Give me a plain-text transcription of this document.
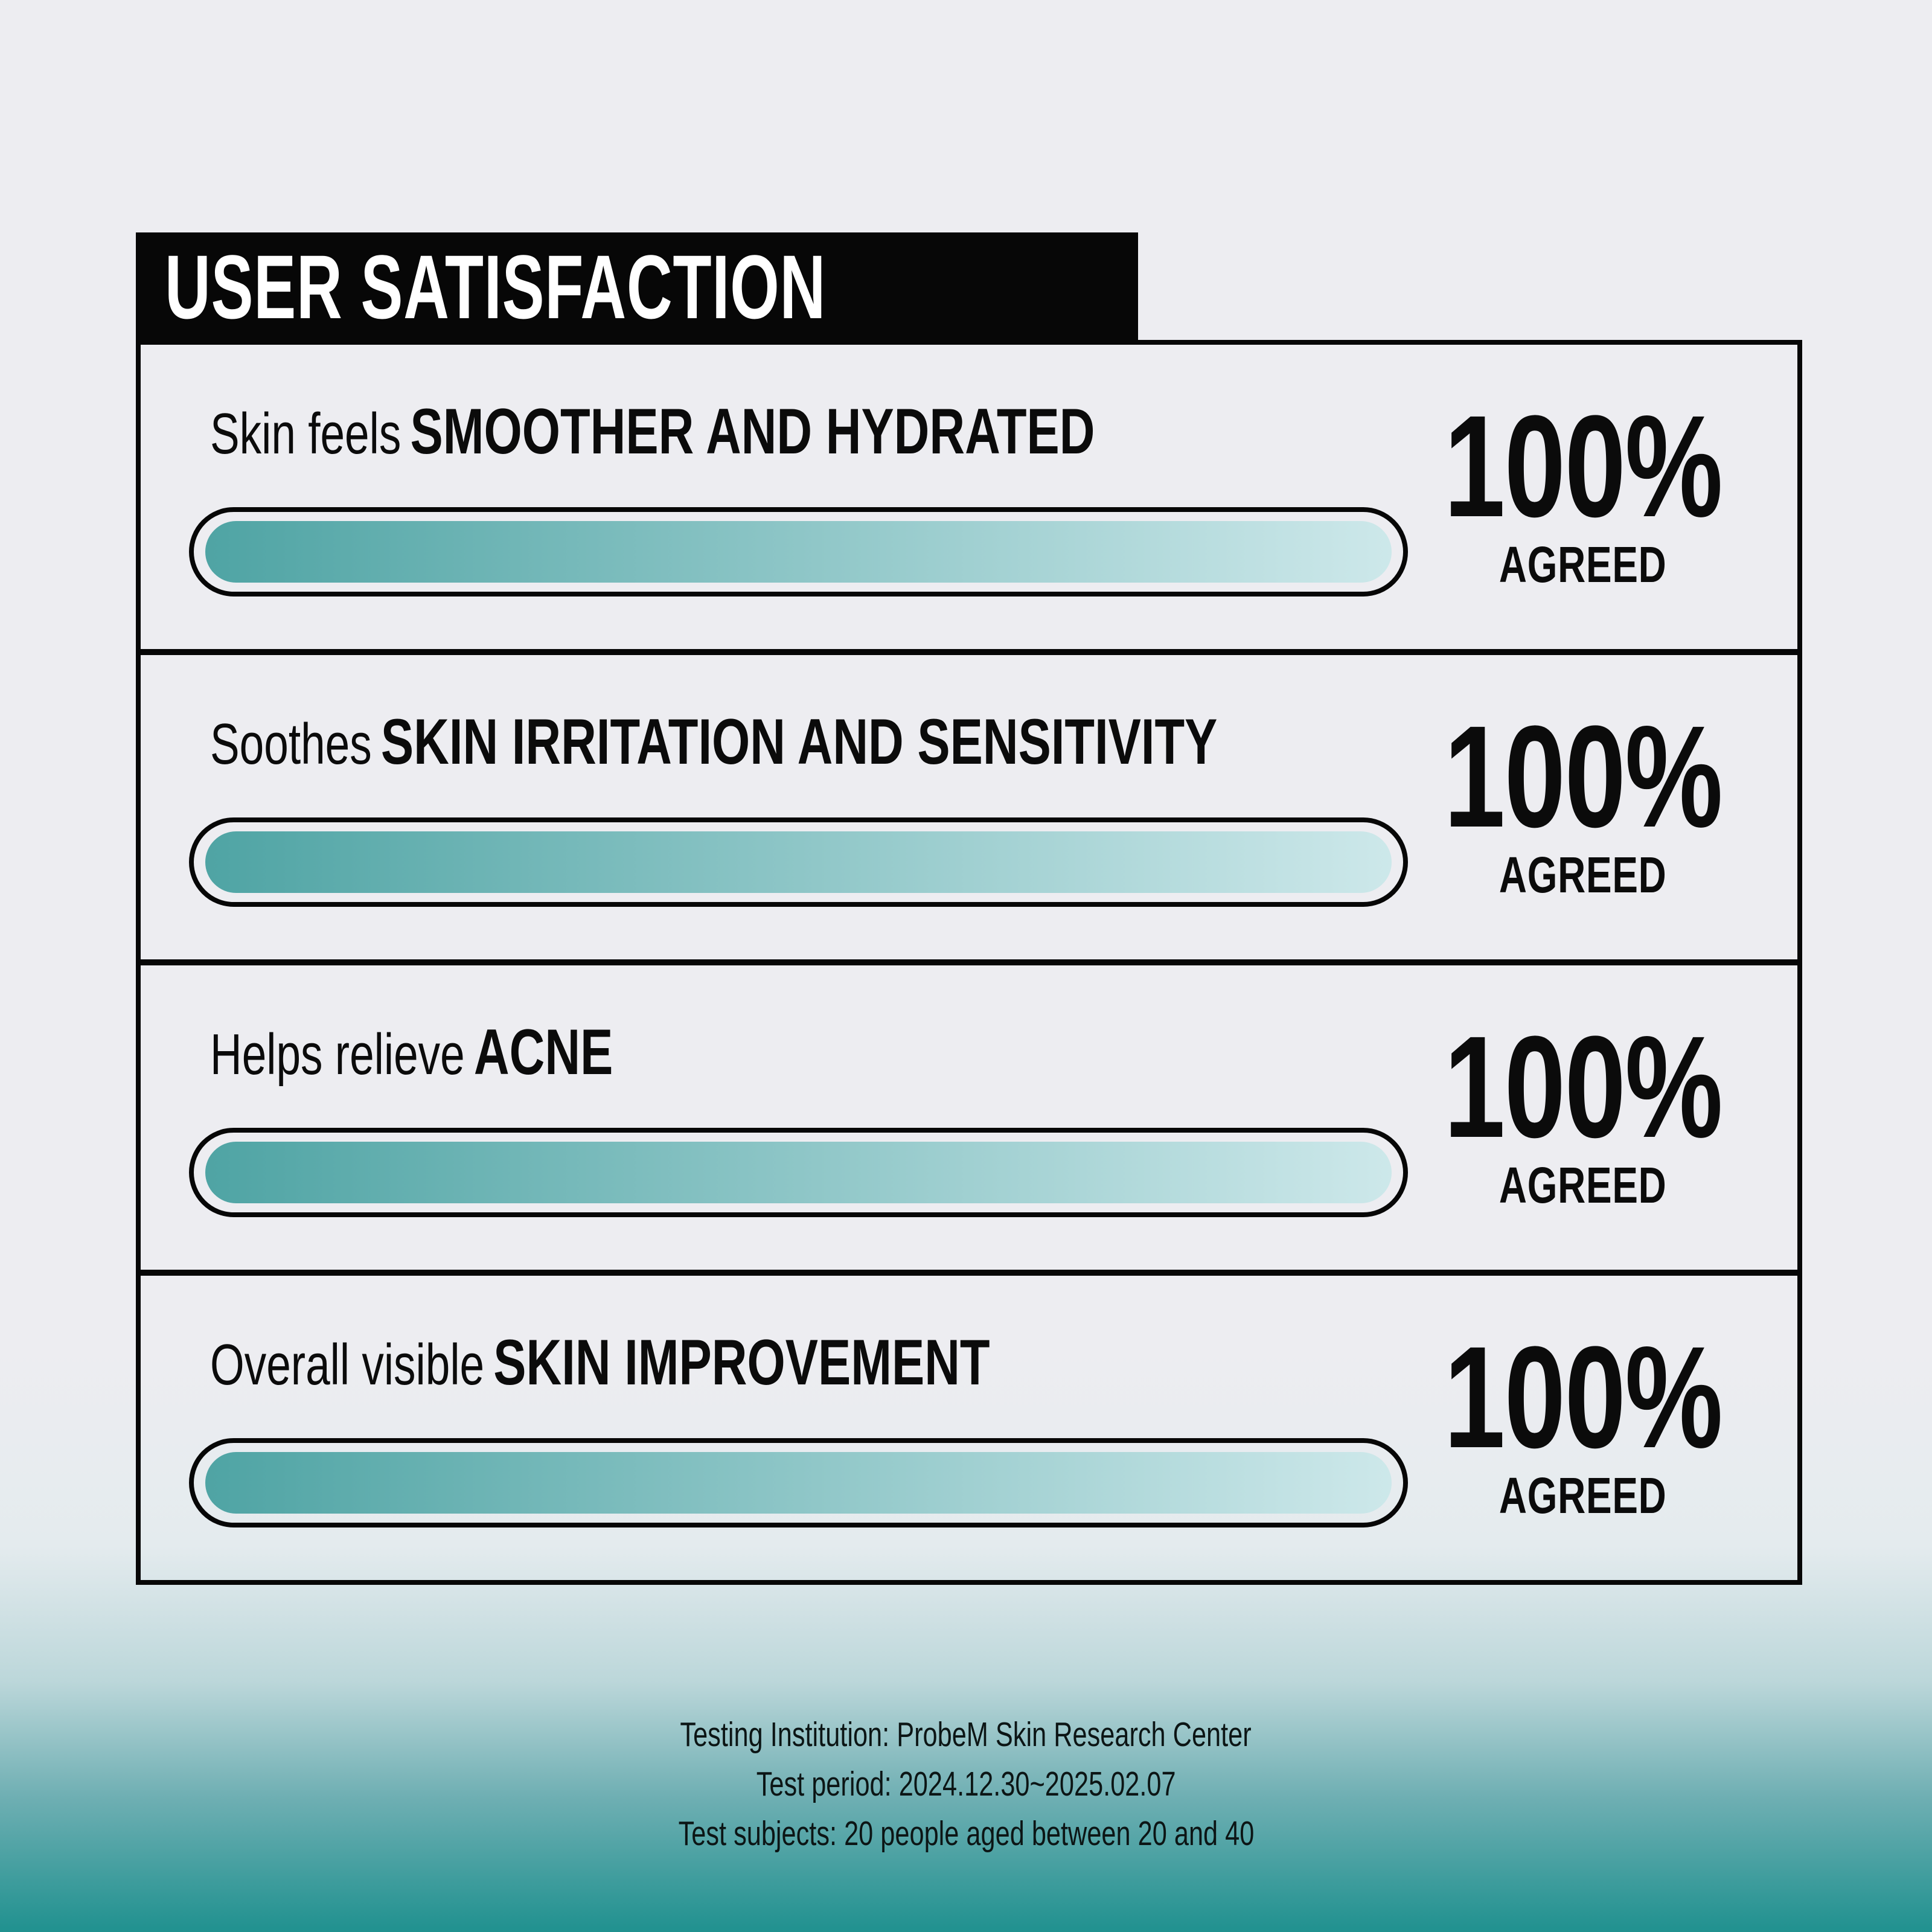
USER SATISFACTION
Skin feels SMOOTHER AND HYDRATED	100%
AGREED
Soothes SKIN IRRITATION AND SENSITIVITY	100%
AGREED
Helps relieve ACNE	100%
AGREED
Overall visible SKIN IMPROVEMENT	100%
AGREED
Testing Institution: ProbeM Skin Research Center
Test period: 2024.12.30~2025.02.07
Test subjects: 20 people aged between 20 and 40
